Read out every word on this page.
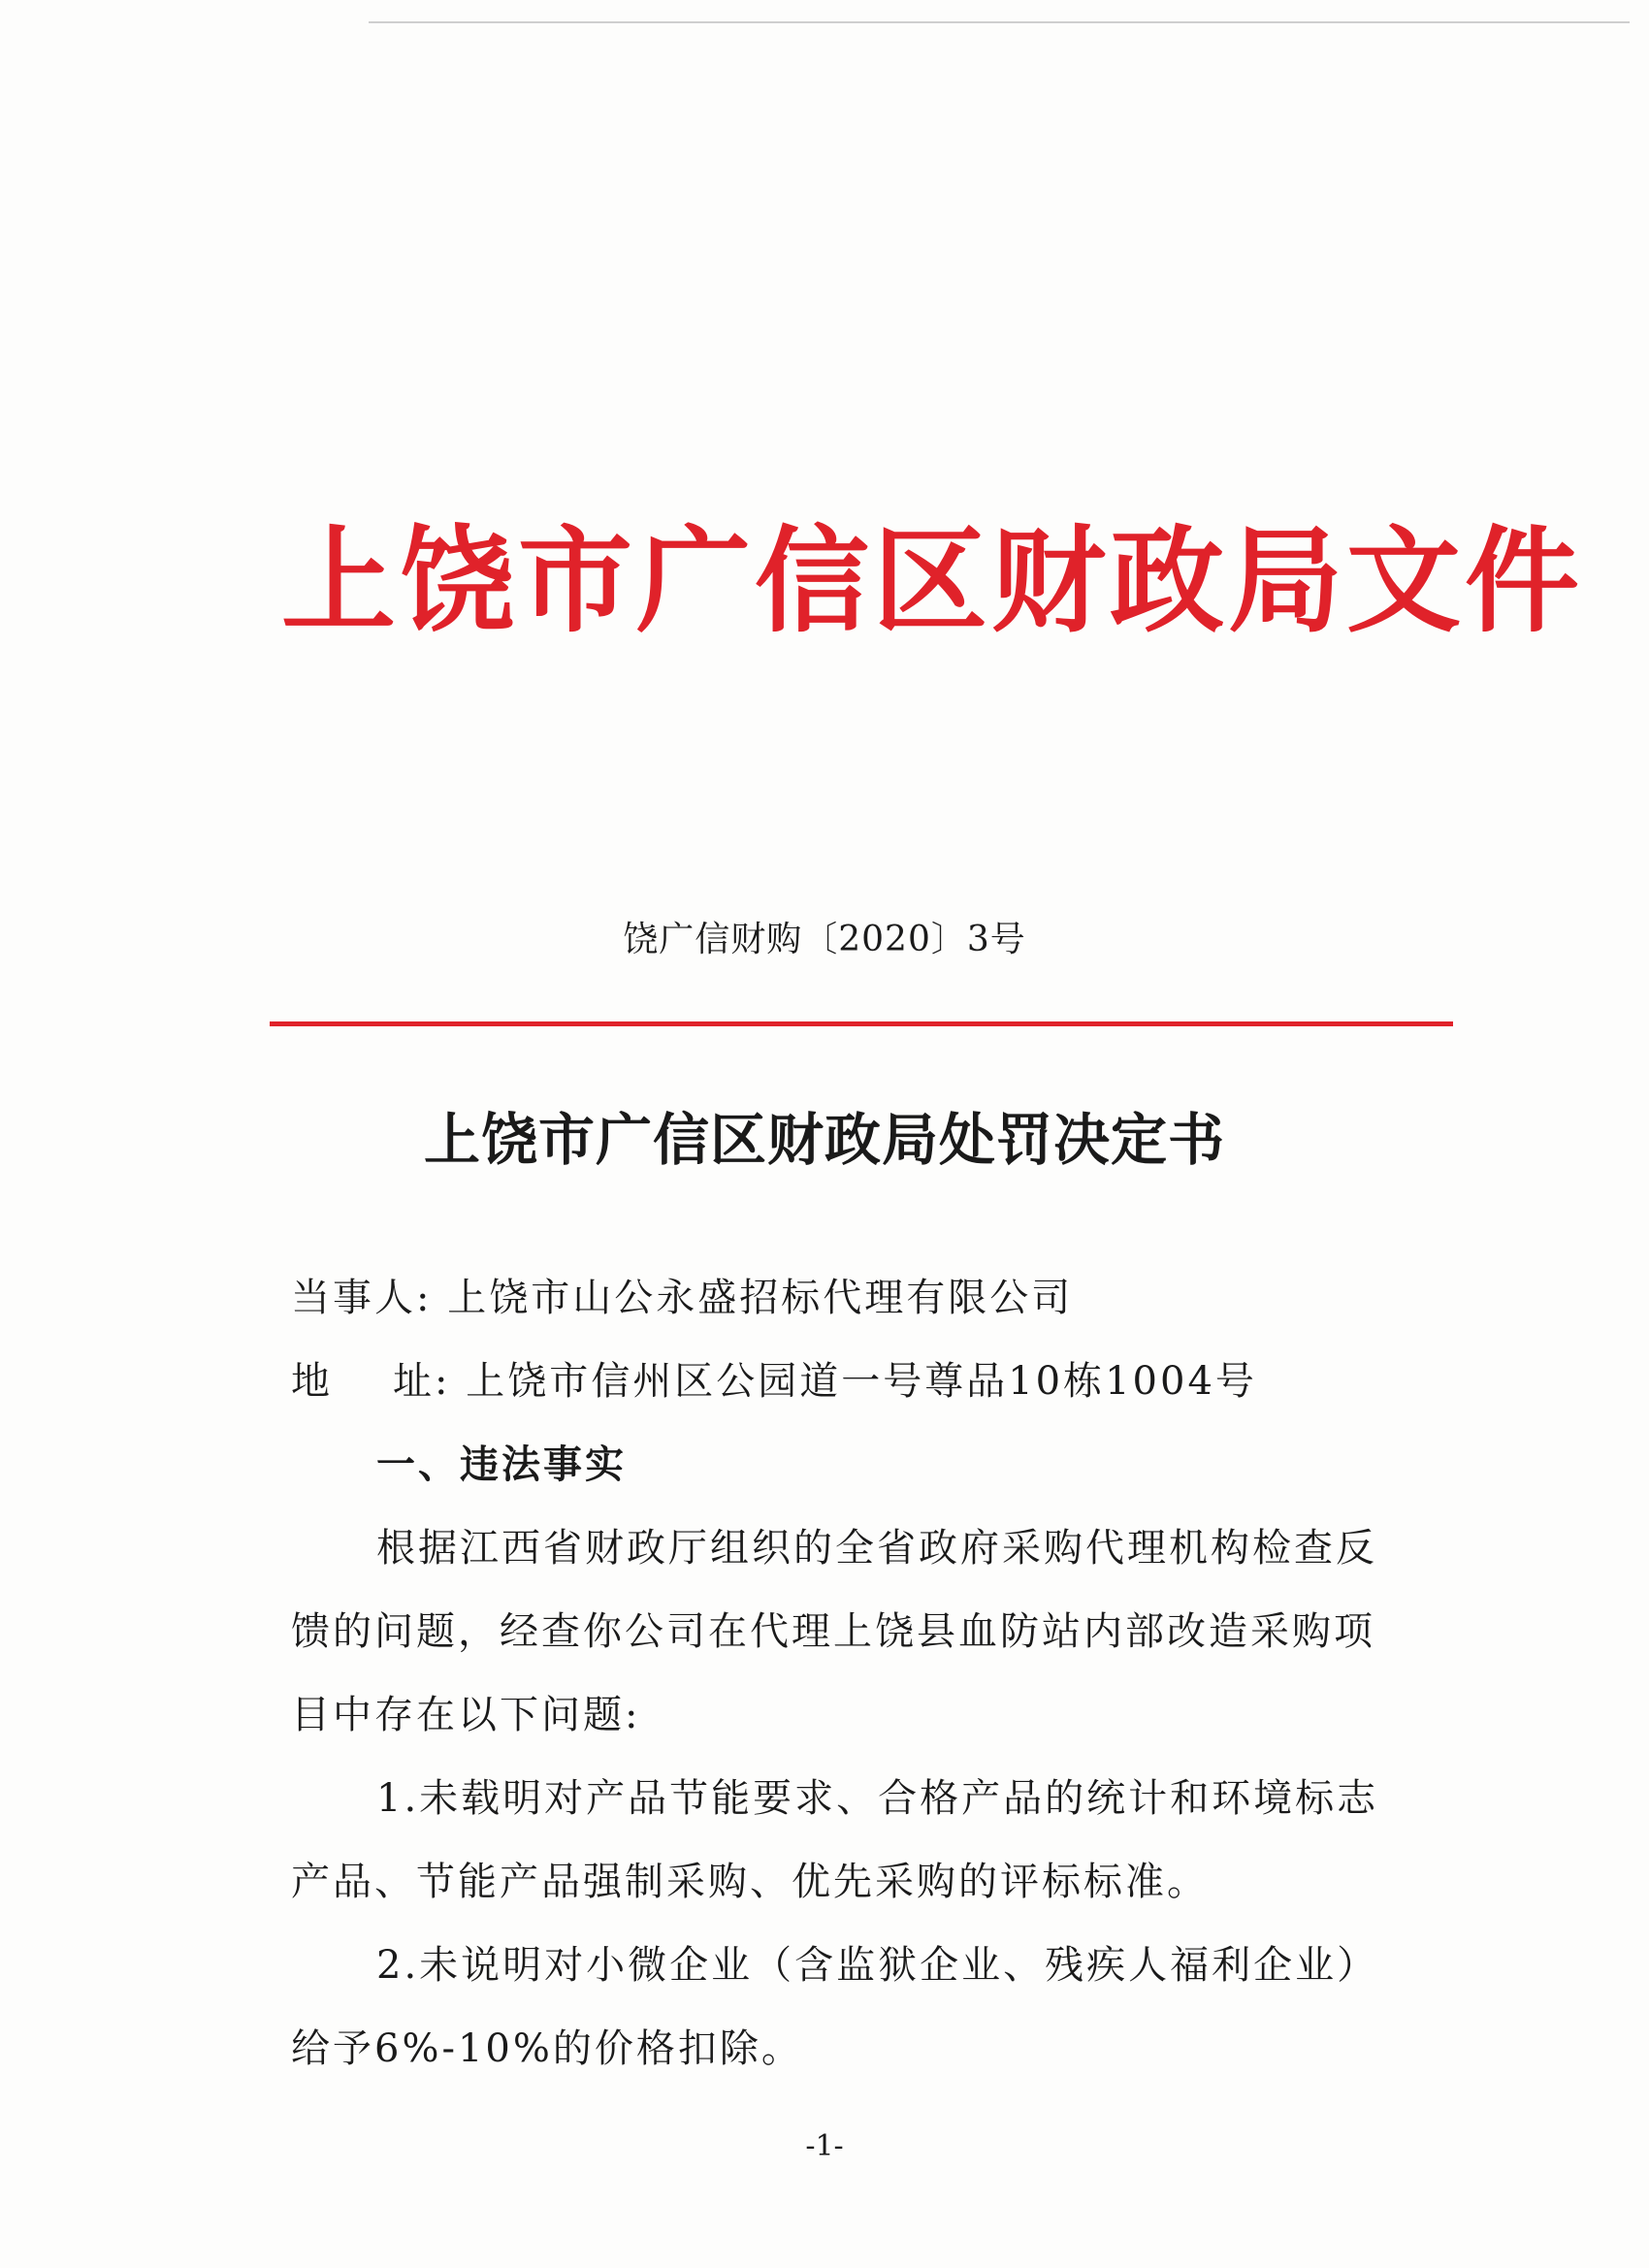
上饶市广信区财政局文件
饶广信财购〔2020〕3号
上饶市广信区财政局处罚决定书
当事人: 上饶市山公永盛招标代理有限公司
地 址: 上饶市信州区公园道一号尊品10栋1004号
一、违法事实
根据江西省财政厅组织的全省政府采购代理机构检查反
馈的问题，经查你公司在代理上饶县血防站内部改造采购项
目中存在以下问题:
1.未载明对产品节能要求、合格产品的统计和环境标志
产品、节能产品强制采购、优先采购的评标标准。
2.未说明对小微企业（含监狱企业、残疾人福利企业）
给予6%-10%的价格扣除。
-1-
